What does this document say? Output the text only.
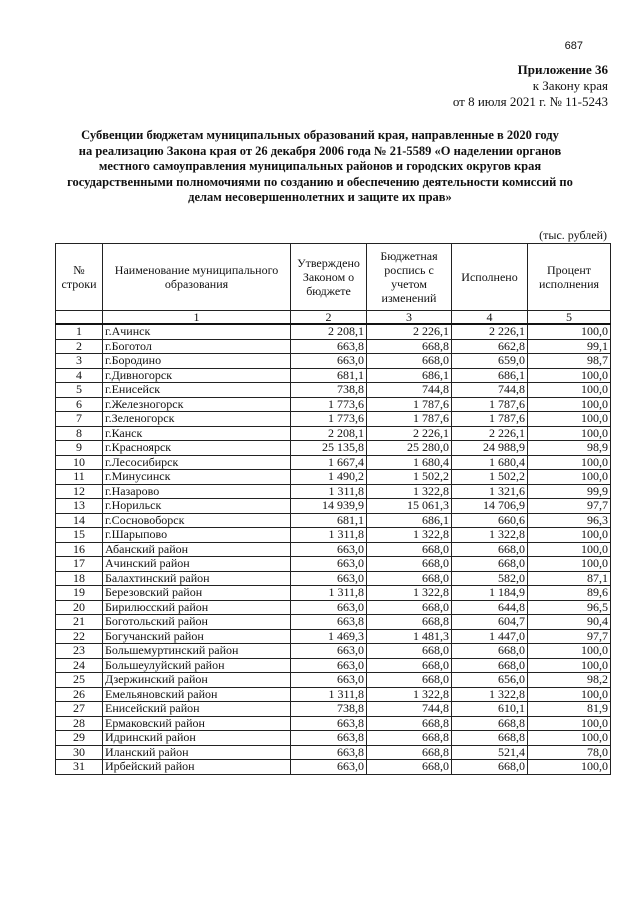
687
Приложение 36
к Закону края
от 8 июля 2021 г. № 11-5243
Субвенции бюджетам муниципальных образований края, направленные в 2020 году
на реализацию Закона края от 26 декабря 2006 года № 21-5589 «О наделении органов
местного самоуправления муниципальных районов и городских округов края
государственными полномочиями по созданию и обеспечению деятельности комиссий по
делам несовершеннолетних и защите их прав»
(тыс. рублей)
№ строки	Наименование муниципального образования	Утверждено Законом о бюджете	Бюджетная роспись с учетом изменений	Исполнено	Процент исполнения
	1	2	3	4	5
1	г.Ачинск	2 208,1	2 226,1	2 226,1	100,0
2	г.Боготол	663,8	668,8	662,8	99,1
3	г.Бородино	663,0	668,0	659,0	98,7
4	г.Дивногорск	681,1	686,1	686,1	100,0
5	г.Енисейск	738,8	744,8	744,8	100,0
6	г.Железногорск	1 773,6	1 787,6	1 787,6	100,0
7	г.Зеленогорск	1 773,6	1 787,6	1 787,6	100,0
8	г.Канск	2 208,1	2 226,1	2 226,1	100,0
9	г.Красноярск	25 135,8	25 280,0	24 988,9	98,9
10	г.Лесосибирск	1 667,4	1 680,4	1 680,4	100,0
11	г.Минусинск	1 490,2	1 502,2	1 502,2	100,0
12	г.Назарово	1 311,8	1 322,8	1 321,6	99,9
13	г.Норильск	14 939,9	15 061,3	14 706,9	97,7
14	г.Сосновоборск	681,1	686,1	660,6	96,3
15	г.Шарыпово	1 311,8	1 322,8	1 322,8	100,0
16	Абанский район	663,0	668,0	668,0	100,0
17	Ачинский район	663,0	668,0	668,0	100,0
18	Балахтинский район	663,0	668,0	582,0	87,1
19	Березовский район	1 311,8	1 322,8	1 184,9	89,6
20	Бирилюсский район	663,0	668,0	644,8	96,5
21	Боготольский район	663,8	668,8	604,7	90,4
22	Богучанский район	1 469,3	1 481,3	1 447,0	97,7
23	Большемуртинский район	663,0	668,0	668,0	100,0
24	Большеулуйский район	663,0	668,0	668,0	100,0
25	Дзержинский район	663,0	668,0	656,0	98,2
26	Емельяновский район	1 311,8	1 322,8	1 322,8	100,0
27	Енисейский район	738,8	744,8	610,1	81,9
28	Ермаковский район	663,8	668,8	668,8	100,0
29	Идринский район	663,8	668,8	668,8	100,0
30	Иланский район	663,8	668,8	521,4	78,0
31	Ирбейский район	663,0	668,0	668,0	100,0
